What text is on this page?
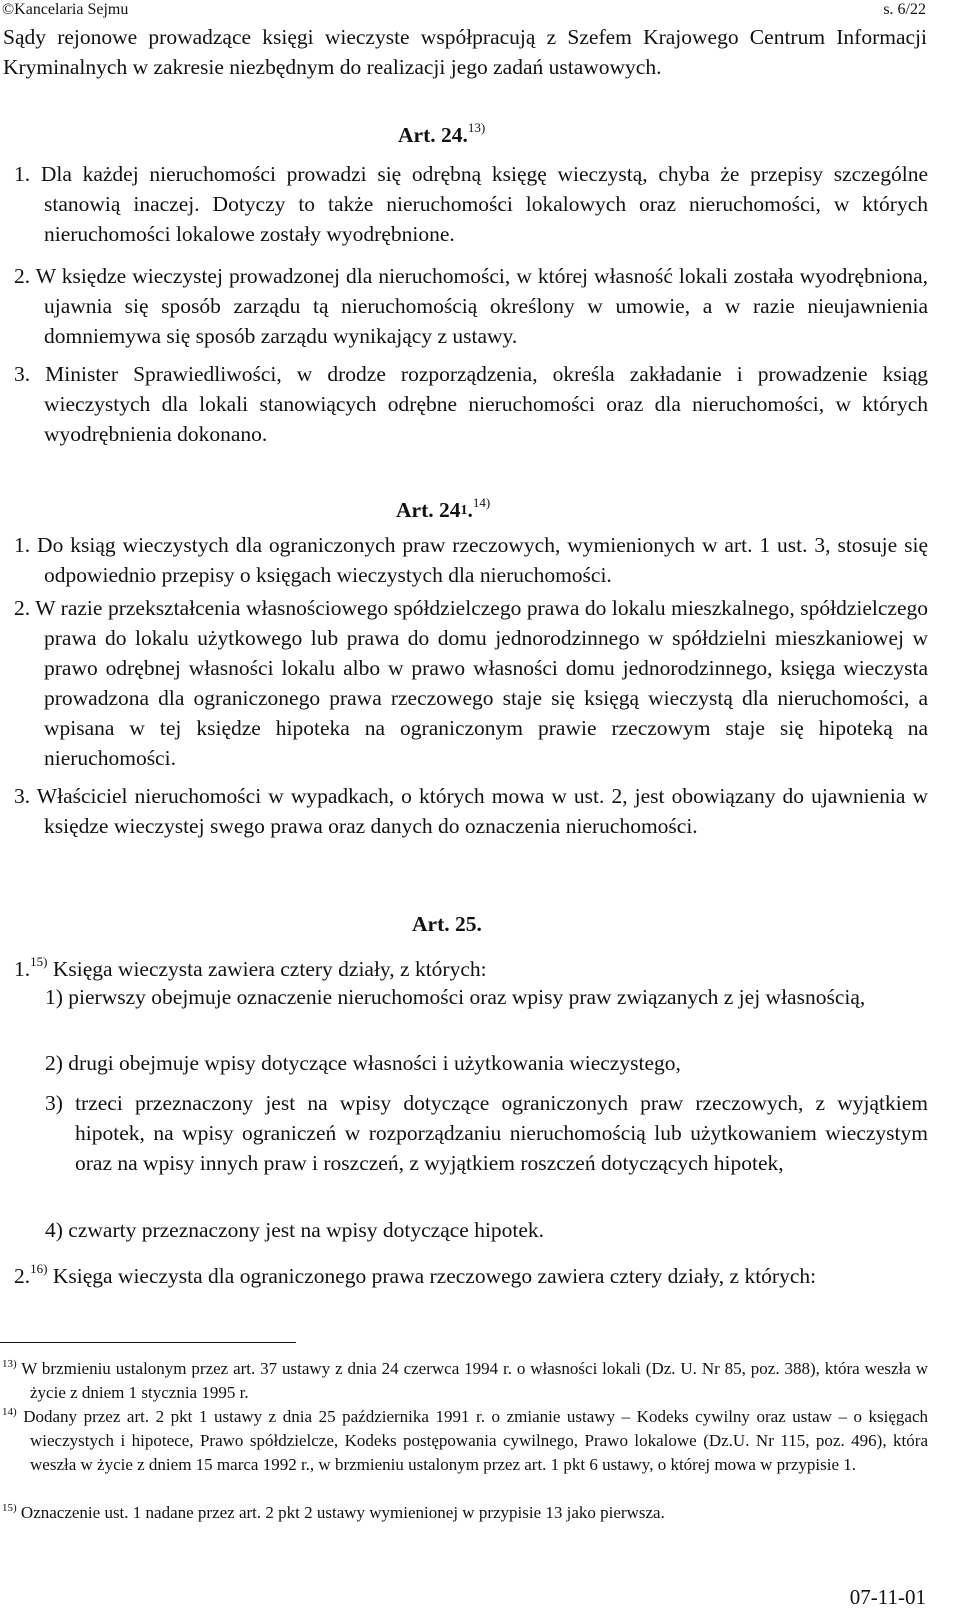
©Kancelaria Sejmu	s. 6/22
Sądy rejonowe prowadzące księgi wieczyste współpracują z Szefem Krajowego Centrum Informacji Kryminalnych w zakresie niezbędnym do realizacji jego zadań ustawowych.
Art. 24.$^{13)}$
1. Dla każdej nieruchomości prowadzi się odrębną księgę wieczystą, chyba że przepisy szczególne stanowią inaczej. Dotyczy to także nieruchomości lokalowych oraz nieruchomości, w których nieruchomości lokalowe zostały wyodrębnione.
2. W księdze wieczystej prowadzonej dla nieruchomości, w której własność lokali została wyodrębniona, ujawnia się sposób zarządu tą nieruchomością określony w umowie, a w razie nieujawnienia domniemywa się sposób zarządu wynikający z ustawy.
3. Minister Sprawiedliwości, w drodze rozporządzenia, określa zakładanie i prowadzenie ksiąg wieczystych dla lokali stanowiących odrębne nieruchomości oraz dla nieruchomości, w których wyodrębnienia dokonano.
Art. 241.$^{14)}$
1. Do ksiąg wieczystych dla ograniczonych praw rzeczowych, wymienionych w art. 1 ust. 3, stosuje się odpowiednio przepisy o księgach wieczystych dla nieruchomości.
2. W razie przekształcenia własnościowego spółdzielczego prawa do lokalu mieszkalnego, spółdzielczego prawa do lokalu użytkowego lub prawa do domu jednorodzinnego w spółdzielni mieszkaniowej w prawo odrębnej własności lokalu albo w prawo własności domu jednorodzinnego, księga wieczysta prowadzona dla ograniczonego prawa rzeczowego staje się księgą wieczystą dla nieruchomości, a wpisana w tej księdze hipoteka na ograniczonym prawie rzeczowym staje się hipoteką na nieruchomości.
3. Właściciel nieruchomości w wypadkach, o których mowa w ust. 2, jest obowiązany do ujawnienia w księdze wieczystej swego prawa oraz danych do oznaczenia nieruchomości.
Art. 25.
1.$^{15)}$ Księga wieczysta zawiera cztery działy, z których:
1) pierwszy obejmuje oznaczenie nieruchomości oraz wpisy praw związanych z jej własnością,
2) drugi obejmuje wpisy dotyczące własności i użytkowania wieczystego,
3) trzeci przeznaczony jest na wpisy dotyczące ograniczonych praw rzeczowych, z wyjątkiem hipotek, na wpisy ograniczeń w rozporządzaniu nieruchomością lub użytkowaniem wieczystym oraz na wpisy innych praw i roszczeń, z wyjątkiem roszczeń dotyczących hipotek,
4) czwarty przeznaczony jest na wpisy dotyczące hipotek.
2.$^{16)}$ Księga wieczysta dla ograniczonego prawa rzeczowego zawiera cztery działy, z których:
$^{13)}$ W brzmieniu ustalonym przez art. 37 ustawy z dnia 24 czerwca 1994 r. o własności lokali (Dz. U. Nr 85, poz. 388), która weszła w życie z dniem 1 stycznia 1995 r.
$^{14)}$ Dodany przez art. 2 pkt 1 ustawy z dnia 25 października 1991 r. o zmianie ustawy – Kodeks cywilny oraz ustaw – o księgach wieczystych i hipotece, Prawo spółdzielcze, Kodeks postępowania cywilnego, Prawo lokalowe (Dz.U. Nr 115, poz. 496), która weszła w życie z dniem 15 marca 1992 r., w brzmieniu ustalonym przez art. 1 pkt 6 ustawy, o której mowa w przypisie 1.
$^{15)}$ Oznaczenie ust. 1 nadane przez art. 2 pkt 2 ustawy wymienionej w przypisie 13 jako pierwsza.
07-11-01
